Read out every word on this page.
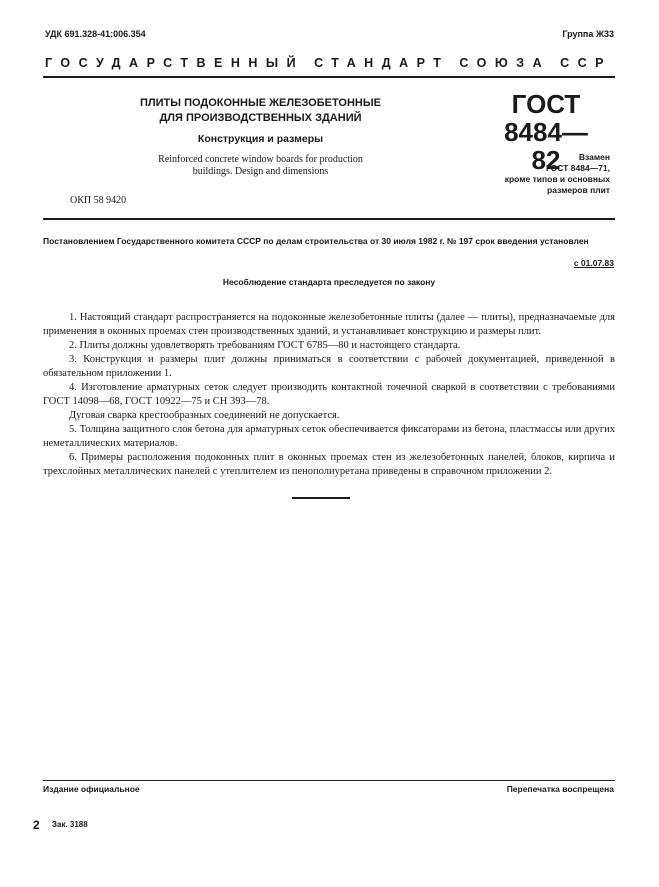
УДК 691.328-41:006.354	Группа Ж33
ГОСУДАРСТВЕННЫЙ СТАНДАРТ СОЮЗА ССР
ПЛИТЫ ПОДОКОННЫЕ ЖЕЛЕЗОБЕТОННЫЕ
ДЛЯ ПРОИЗВОДСТВЕННЫХ ЗДАНИЙ
Конструкция и размеры
Reinforced concrete window boards for production
buildings. Design and dimensions
ОКП 58 9420
ГОСТ
8484—82	Взамен
ГОСТ 8484—71,
кроме типов и основных
размеров плит
Постановлением Государственного комитета СССР по делам строительства от 30 июля 1982 г. № 197 срок введения установлен
с 01.07.83
Несоблюдение стандарта преследуется по закону

1. Настоящий стандарт распространяется на подоконные железобетонные плиты (далее — плиты), предназначаемые для применения в оконных проемах стен производственных зданий, и устанавливает конструкцию и размеры плит.

2. Плиты должны удовлетворять требованиям ГОСТ 6785—80 и настоящего стандарта.

3. Конструкция и размеры плит должны приниматься в соответствии с рабочей документацией, приведенной в обязательном приложении 1.

4. Изготовление арматурных сеток следует производить контактной точечной сваркой в соответствии с требованиями ГОСТ 14098—68, ГОСТ 10922—75 и СН 393—78.

Дуговая сварка крестообразных соединений не допускается.

5. Толщина защитного слоя бетона для арматурных сеток обеспечивается фиксаторами из бетона, пластмассы или других неметаллических материалов.

6. Примеры расположения подоконных плит в оконных проемах стен из железобетонных панелей, блоков, кирпича и трехслойных металлических панелей с утеплителем из пенополиуретана приведены в справочном приложении 2.

Издание официальное	Перепечатка воспрещена
2 Зак. 3188
